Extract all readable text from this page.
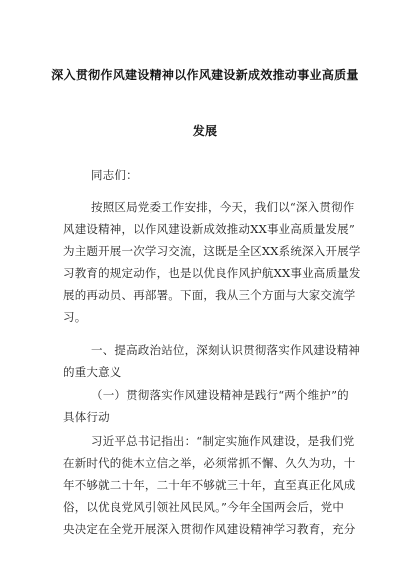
深入贯彻作风建设精神以作风建设新成效推动事业高质量
发展
同志们：
按照区局党委工作安排，今天，我们以“深入贯彻作
风建设精神，以作风建设新成效推动XX事业高质量发展”
为主题开展一次学习交流，这既是全区XX系统深入开展学
习教育的规定动作，也是以优良作风护航XX事业高质量发
展的再动员、再部署。下面，我从三个方面与大家交流学
习。
一、提高政治站位，深刻认识贯彻落实作风建设精神
的重大意义
（一）贯彻落实作风建设精神是践行“两个维护”的
具体行动
习近平总书记指出：“制定实施作风建设，是我们党
在新时代的徙木立信之举，必须常抓不懈、久久为功，十
年不够就二十年，二十年不够就三十年，直至真正化风成
俗，以优良党风引领社风民风。”今年全国两会后，党中
央决定在全党开展深入贯彻作风建设精神学习教育，充分
